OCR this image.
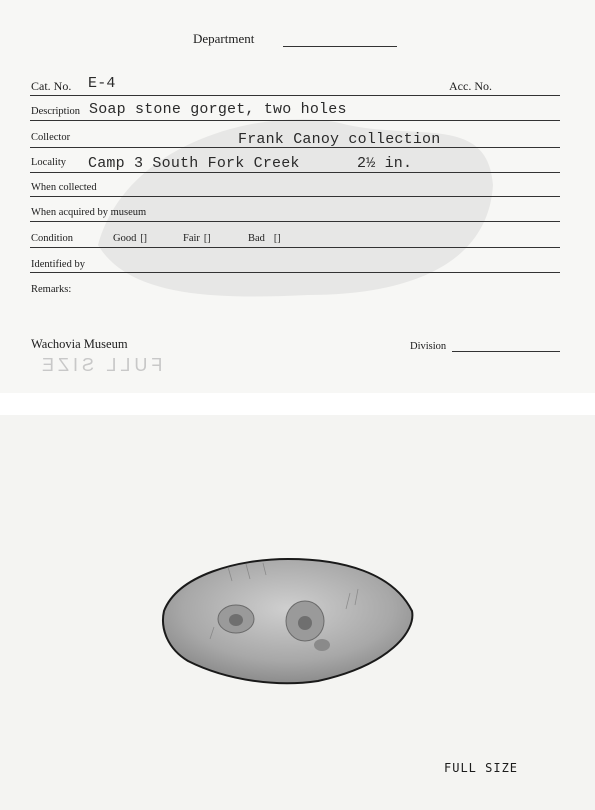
Department
Cat. No. E-4	Acc. No.
Description Soap stone gorget, two holes
Collector	Frank Canoy collection
Locality Camp 3 South Fork Creek	2½ in.
When collected
When acquired by museum
Condition	Good []	Fair []	Bad []
Identified by
Remarks:
Wachovia Museum	Division
FULL SIZE
FULL SIZE
